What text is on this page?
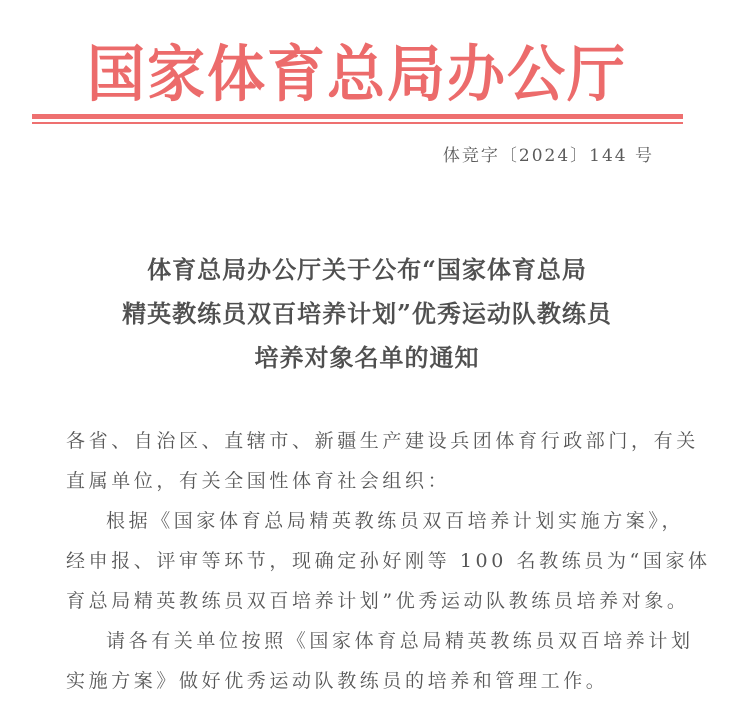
国家体育总局办公厅
体竞字〔2024〕144 号
体育总局办公厅关于公布“国家体育总局
精英教练员双百培养计划”优秀运动队教练员
培养对象名单的通知

各省、自治区、直辖市、新疆生产建设兵团体育行政部门，有关

直属单位，有关全国性体育社会组织：

根据《国家体育总局精英教练员双百培养计划实施方案》，

经申报、评审等环节，现确定孙好刚等 100 名教练员为“国家体

育总局精英教练员双百培养计划”优秀运动队教练员培养对象。

请各有关单位按照《国家体育总局精英教练员双百培养计划

实施方案》做好优秀运动队教练员的培养和管理工作。
